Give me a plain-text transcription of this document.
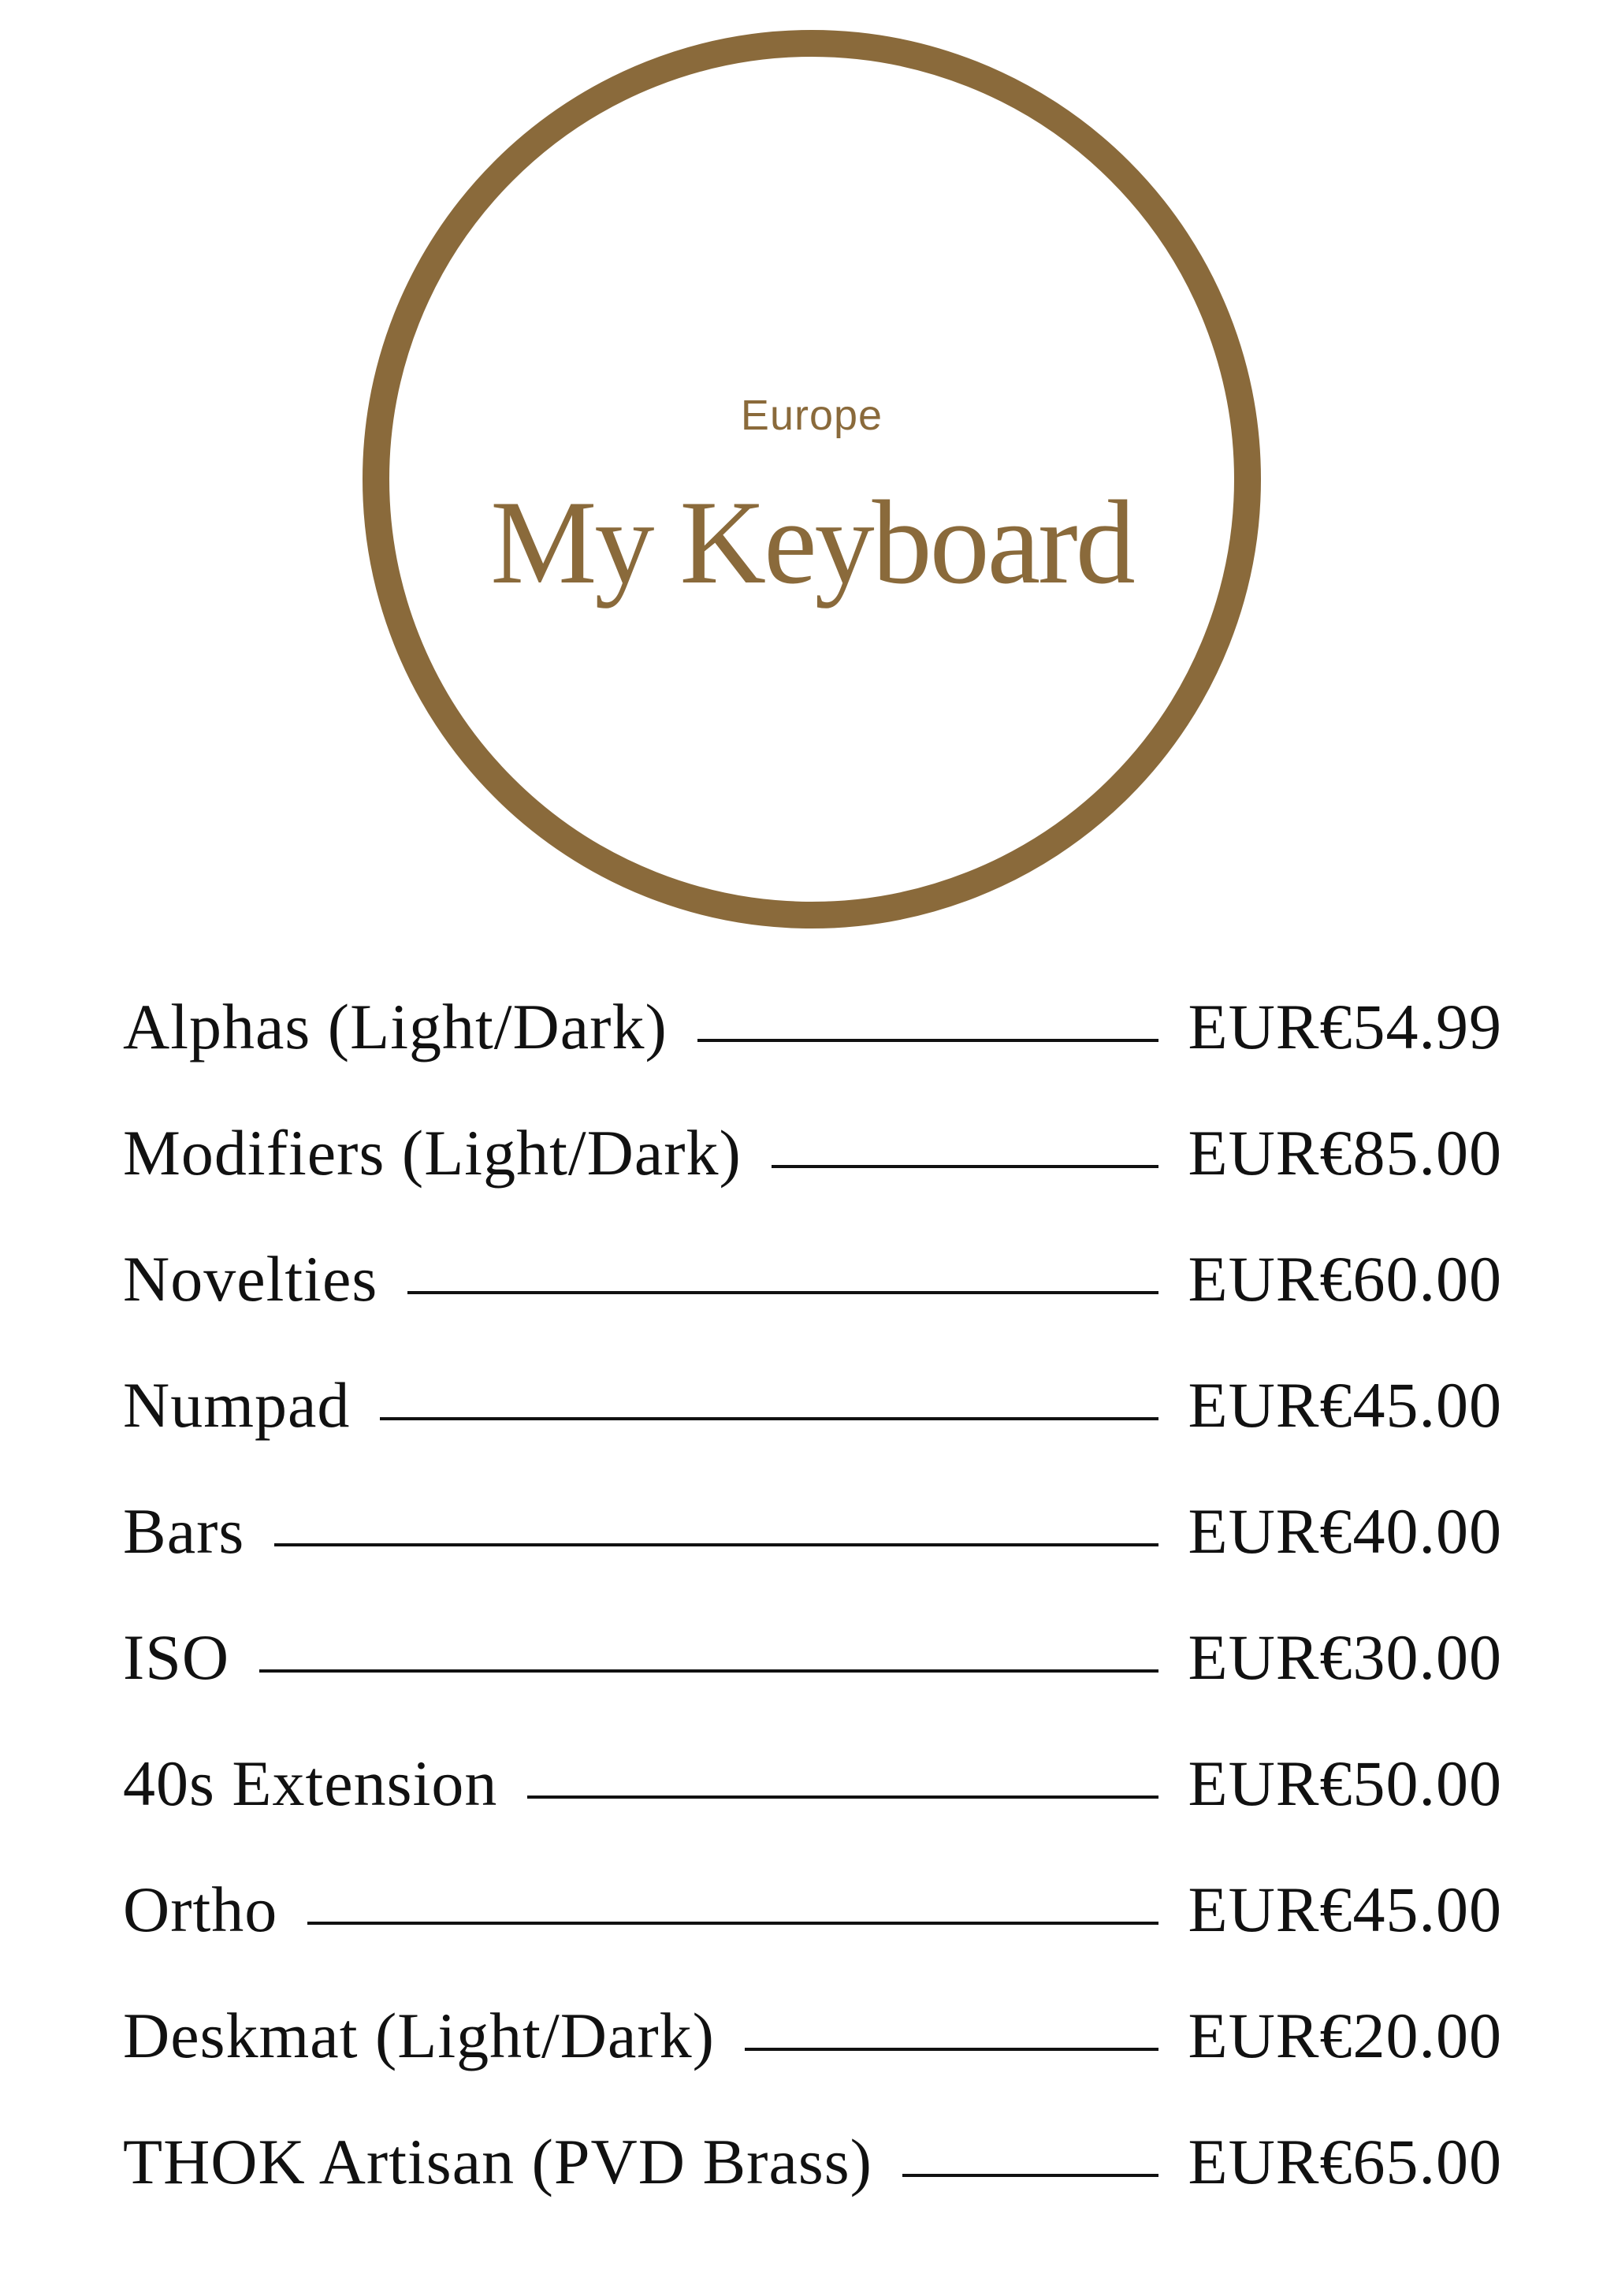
Europe
My Keyboard
Alphas (Light/Dark)	EUR€54.99
Modifiers (Light/Dark)	EUR€85.00
Novelties	EUR€60.00
Numpad	EUR€45.00
Bars	EUR€40.00
ISO	EUR€30.00
40s Extension	EUR€50.00
Ortho	EUR€45.00
Deskmat (Light/Dark)	EUR€20.00
THOK Artisan (PVD Brass)	EUR€65.00
